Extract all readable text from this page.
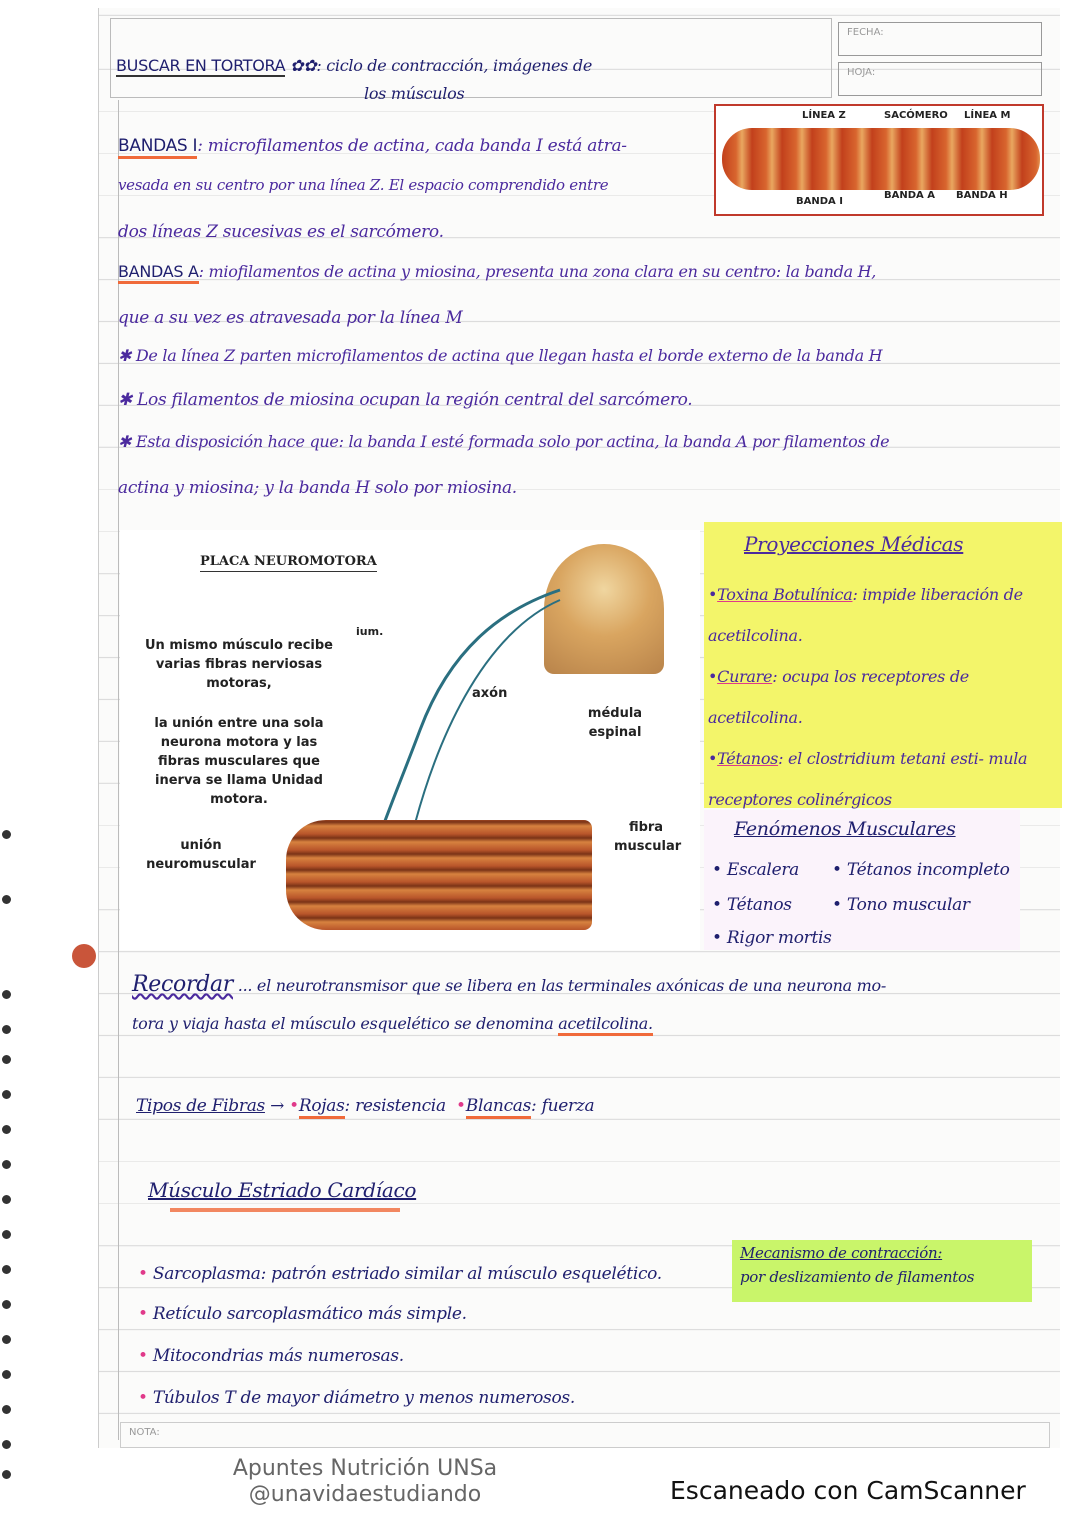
FECHA:
HOJA:
BUSCAR EN TORTORA ✿✿: ciclo de contracción, imágenes de
los músculos
LÍNEA Z	SACÓMERO LÍNEA M
BANDA I
BANDA A BANDA H
BANDAS I: microfilamentos de actina, cada banda I está atra-
vesada en su centro por una línea Z. El espacio comprendido entre
dos líneas Z sucesivas es el sarcómero.
BANDAS A: miofilamentos de actina y miosina, presenta una zona clara en su centro: la banda H,
que a su vez es atravesada por la línea M
✱ De la línea Z parten microfilamentos de actina que llegan hasta el borde externo de la banda H
✱ Los filamentos de miosina ocupan la región central del sarcómero.
✱ Esta disposición hace que: la banda I esté formada solo por actina, la banda A por filamentos de
actina y miosina; y la banda H solo por miosina.
PLACA NEUROMOTORA
ium.
Un mismo músculo recibe varias fibras nerviosas motoras,
la unión entre una sola neurona motora y las fibras musculares que inerva se llama Unidad motora.
axón
médula espinal
unión neuromuscular
fibra muscular
Proyecciones Médicas
•Toxina Botulínica: impide liberación de acetilcolina.
•Curare: ocupa los receptores de acetilcolina.
•Tétanos: el clostridium tetani esti- mula receptores colinérgicos
Fenómenos Musculares
• Escalera • Tétanos incompleto
• Tétanos • Tono muscular
• Rigor mortis
Recordar ... el neurotransmisor que se libera en las terminales axónicas de una neurona mo-
tora y viaja hasta el músculo esquelético se denomina acetilcolina.
Tipos de Fibras → •Rojas: resistencia •Blancas: fuerza
Músculo Estriado Cardíaco
• Sarcoplasma: patrón estriado similar al músculo esquelético.
• Retículo sarcoplasmático más simple.
• Mitocondrias más numerosas.
• Túbulos T de mayor diámetro y menos numerosos.
Mecanismo de contracción:
por deslizamiento de filamentos
NOTA:
Apuntes Nutrición UNSa
@unavidaestudiando	Escaneado con CamScanner
